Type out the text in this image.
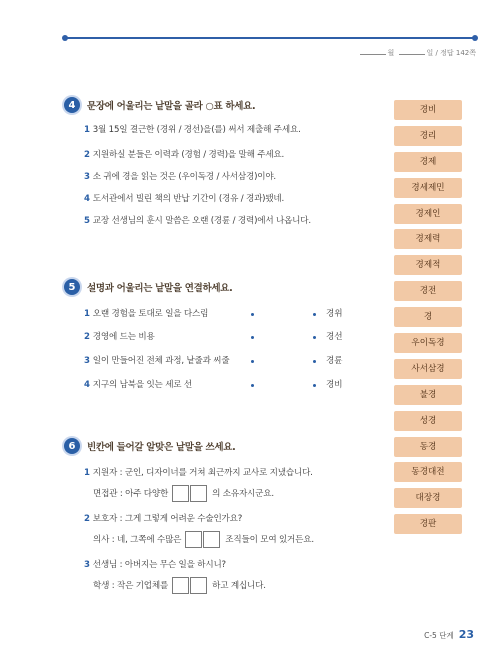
월	일 / 정답 142쪽
4	문장에 어울리는 낱말을 골라 ○표 하세요.
1 3월 15일 결근한 (경위 / 경선)을(를) 써서 제출해 주세요.
2 지원하실 분들은 이력과 (경험 / 경력)을 말해 주세요.
3 소 귀에 경을 읽는 것은 (우이독경 / 사서삼경)이야.
4 도서관에서 빌린 책의 반납 기간이 (경유 / 경과)됐네.
5 교장 선생님의 훈시 말씀은 오랜 (경륜 / 경력)에서 나옵니다.
5	설명과 어울리는 낱말을 연결하세요.
1 오랜 경험을 토대로 일을 다스림
2 경영에 드는 비용
3 일이 만들어진 전체 과정, 낱줄과 씨줄
4 지구의 남북을 잇는 세로 선
경위
경선
경륜
경비
6	빈칸에 들어갈 알맞은 낱말을 쓰세요.
1 지원자 : 군인, 디자이너를 거쳐 최근까지 교사로 지냈습니다.
면접관 : 아주 다양한	의 소유자시군요.
2 보호자 : 그게 그렇게 어려운 수술인가요?
의사 : 네, 그쪽에 수많은	조직들이 모여 있거든요.
3 선생님 : 아버지는 무슨 일을 하시니?
학생 : 작은 기업체를	하고 계십니다.
경비
경리
경제
경세제민
경제인
경제력
경제적
경전
경
우이독경
사서삼경
불경
성경
동경
동경대전
대장경
경판
C-5 단계 23
